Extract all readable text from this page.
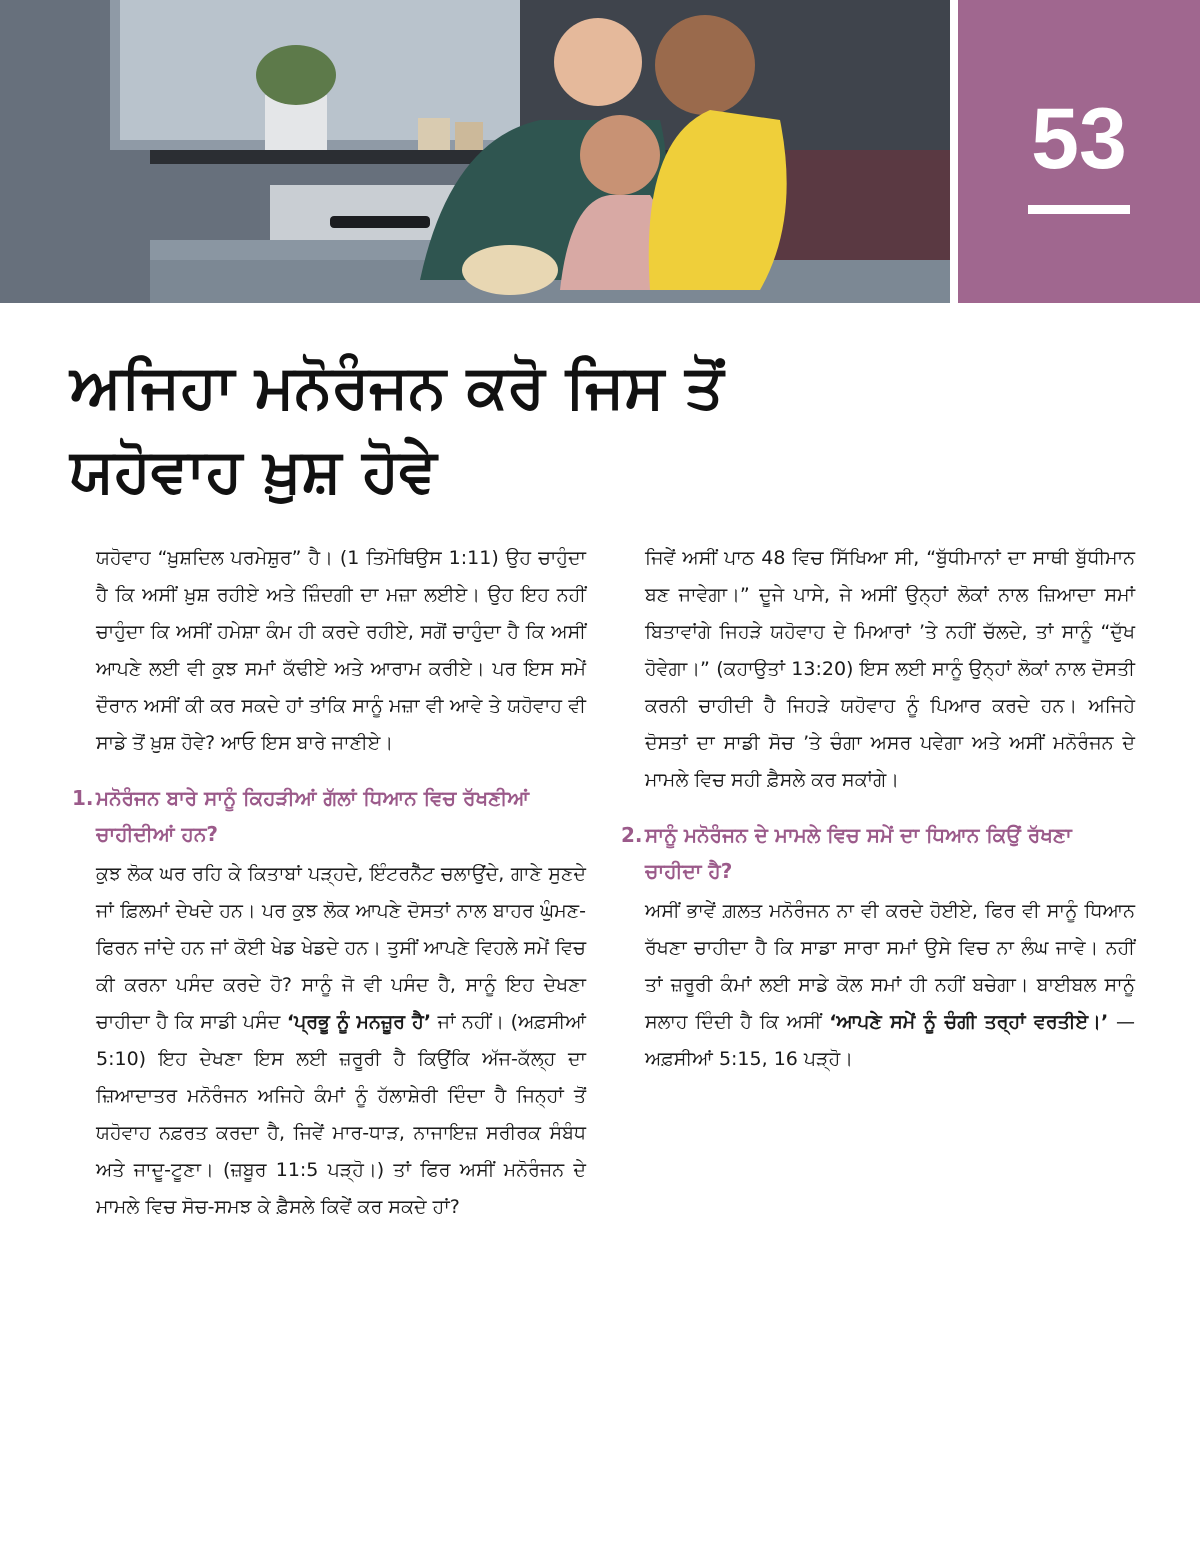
53
ਅਜਿਹਾ ਮਨੋਰੰਜਨ ਕਰੋ ਜਿਸ ਤੋਂ
ਯਹੋਵਾਹ ਖ਼ੁਸ਼ ਹੋਵੇ

ਯਹੋਵਾਹ “ਖ਼ੁਸ਼ਦਿਲ ਪਰਮੇਸ਼ੁਰ” ਹੈ। (1 ਤਿਮੋਥਿਉਸ 1:11) ਉਹ ਚਾਹੁੰਦਾ ਹੈ ਕਿ ਅਸੀਂ ਖ਼ੁਸ਼ ਰਹੀਏ ਅਤੇ ਜ਼ਿੰਦਗੀ ਦਾ ਮਜ਼ਾ ਲਈਏ। ਉਹ ਇਹ ਨਹੀਂ ਚਾਹੁੰਦਾ ਕਿ ਅਸੀਂ ਹਮੇਸ਼ਾ ਕੰਮ ਹੀ ਕਰਦੇ ਰਹੀਏ, ਸਗੋਂ ਚਾਹੁੰਦਾ ਹੈ ਕਿ ਅਸੀਂ ਆਪਣੇ ਲਈ ਵੀ ਕੁਝ ਸਮਾਂ ਕੱਢੀਏ ਅਤੇ ਆਰਾਮ ਕਰੀਏ। ਪਰ ਇਸ ਸਮੇਂ ਦੌਰਾਨ ਅਸੀਂ ਕੀ ਕਰ ਸਕਦੇ ਹਾਂ ਤਾਂਕਿ ਸਾਨੂੰ ਮਜ਼ਾ ਵੀ ਆਵੇ ਤੇ ਯਹੋਵਾਹ ਵੀ ਸਾਡੇ ਤੋਂ ਖ਼ੁਸ਼ ਹੋਵੇ? ਆਓ ਇਸ ਬਾਰੇ ਜਾਣੀਏ।

1. ਮਨੋਰੰਜਨ ਬਾਰੇ ਸਾਨੂੰ ਕਿਹੜੀਆਂ ਗੱਲਾਂ ਧਿਆਨ ਵਿਚ ਰੱਖਣੀਆਂ ਚਾਹੀਦੀਆਂ ਹਨ?

ਕੁਝ ਲੋਕ ਘਰ ਰਹਿ ਕੇ ਕਿਤਾਬਾਂ ਪੜ੍ਹਦੇ, ਇੰਟਰਨੈੱਟ ਚਲਾਉਂਦੇ, ਗਾਣੇ ਸੁਣਦੇ ਜਾਂ ਫ਼ਿਲਮਾਂ ਦੇਖਦੇ ਹਨ। ਪਰ ਕੁਝ ਲੋਕ ਆਪਣੇ ਦੋਸਤਾਂ ਨਾਲ ਬਾਹਰ ਘੁੰਮਣ-ਫਿਰਨ ਜਾਂਦੇ ਹਨ ਜਾਂ ਕੋਈ ਖੇਡ ਖੇਡਦੇ ਹਨ। ਤੁਸੀਂ ਆਪਣੇ ਵਿਹਲੇ ਸਮੇਂ ਵਿਚ ਕੀ ਕਰਨਾ ਪਸੰਦ ਕਰਦੇ ਹੋ? ਸਾਨੂੰ ਜੋ ਵੀ ਪਸੰਦ ਹੈ, ਸਾਨੂੰ ਇਹ ਦੇਖਣਾ ਚਾਹੀਦਾ ਹੈ ਕਿ ਸਾਡੀ ਪਸੰਦ ‘ਪ੍ਰਭੂ ਨੂੰ ਮਨਜ਼ੂਰ ਹੈ’ ਜਾਂ ਨਹੀਂ। (ਅਫ਼ਸੀਆਂ 5:10) ਇਹ ਦੇਖਣਾ ਇਸ ਲਈ ਜ਼ਰੂਰੀ ਹੈ ਕਿਉਂਕਿ ਅੱਜ-ਕੱਲ੍ਹ ਦਾ ਜ਼ਿਆਦਾਤਰ ਮਨੋਰੰਜਨ ਅਜਿਹੇ ਕੰਮਾਂ ਨੂੰ ਹੱਲਾਸ਼ੇਰੀ ਦਿੰਦਾ ਹੈ ਜਿਨ੍ਹਾਂ ਤੋਂ ਯਹੋਵਾਹ ਨਫ਼ਰਤ ਕਰਦਾ ਹੈ, ਜਿਵੇਂ ਮਾਰ-ਧਾੜ, ਨਾਜਾਇਜ਼ ਸਰੀਰਕ ਸੰਬੰਧ ਅਤੇ ਜਾਦੂ-ਟੂਣਾ। (ਜ਼ਬੂਰ 11:5 ਪੜ੍ਹੋ।) ਤਾਂ ਫਿਰ ਅਸੀਂ ਮਨੋਰੰਜਨ ਦੇ ਮਾਮਲੇ ਵਿਚ ਸੋਚ-ਸਮਝ ਕੇ ਫ਼ੈਸਲੇ ਕਿਵੇਂ ਕਰ ਸਕਦੇ ਹਾਂ?

ਜਿਵੇਂ ਅਸੀਂ ਪਾਠ 48 ਵਿਚ ਸਿੱਖਿਆ ਸੀ, “ਬੁੱਧੀਮਾਨਾਂ ਦਾ ਸਾਥੀ ਬੁੱਧੀਮਾਨ ਬਣ ਜਾਵੇਗਾ।” ਦੂਜੇ ਪਾਸੇ, ਜੇ ਅਸੀਂ ਉਨ੍ਹਾਂ ਲੋਕਾਂ ਨਾਲ ਜ਼ਿਆਦਾ ਸਮਾਂ ਬਿਤਾਵਾਂਗੇ ਜਿਹੜੇ ਯਹੋਵਾਹ ਦੇ ਮਿਆਰਾਂ ’ਤੇ ਨਹੀਂ ਚੱਲਦੇ, ਤਾਂ ਸਾਨੂੰ “ਦੁੱਖ ਹੋਵੇਗਾ।” (ਕਹਾਉਤਾਂ 13:20) ਇਸ ਲਈ ਸਾਨੂੰ ਉਨ੍ਹਾਂ ਲੋਕਾਂ ਨਾਲ ਦੋਸਤੀ ਕਰਨੀ ਚਾਹੀਦੀ ਹੈ ਜਿਹੜੇ ਯਹੋਵਾਹ ਨੂੰ ਪਿਆਰ ਕਰਦੇ ਹਨ। ਅਜਿਹੇ ਦੋਸਤਾਂ ਦਾ ਸਾਡੀ ਸੋਚ ’ਤੇ ਚੰਗਾ ਅਸਰ ਪਵੇਗਾ ਅਤੇ ਅਸੀਂ ਮਨੋਰੰਜਨ ਦੇ ਮਾਮਲੇ ਵਿਚ ਸਹੀ ਫ਼ੈਸਲੇ ਕਰ ਸਕਾਂਗੇ।

2. ਸਾਨੂੰ ਮਨੋਰੰਜਨ ਦੇ ਮਾਮਲੇ ਵਿਚ ਸਮੇਂ ਦਾ ਧਿਆਨ ਕਿਉਂ ਰੱਖਣਾ ਚਾਹੀਦਾ ਹੈ?

ਅਸੀਂ ਭਾਵੇਂ ਗ਼ਲਤ ਮਨੋਰੰਜਨ ਨਾ ਵੀ ਕਰਦੇ ਹੋਈਏ, ਫਿਰ ਵੀ ਸਾਨੂੰ ਧਿਆਨ ਰੱਖਣਾ ਚਾਹੀਦਾ ਹੈ ਕਿ ਸਾਡਾ ਸਾਰਾ ਸਮਾਂ ਉਸੇ ਵਿਚ ਨਾ ਲੰਘ ਜਾਵੇ। ਨਹੀਂ ਤਾਂ ਜ਼ਰੂਰੀ ਕੰਮਾਂ ਲਈ ਸਾਡੇ ਕੋਲ ਸਮਾਂ ਹੀ ਨਹੀਂ ਬਚੇਗਾ। ਬਾਈਬਲ ਸਾਨੂੰ ਸਲਾਹ ਦਿੰਦੀ ਹੈ ਕਿ ਅਸੀਂ ‘ਆਪਣੇ ਸਮੇਂ ਨੂੰ ਚੰਗੀ ਤਰ੍ਹਾਂ ਵਰਤੀਏ।’ —ਅਫ਼ਸੀਆਂ 5:15, 16 ਪੜ੍ਹੋ।
